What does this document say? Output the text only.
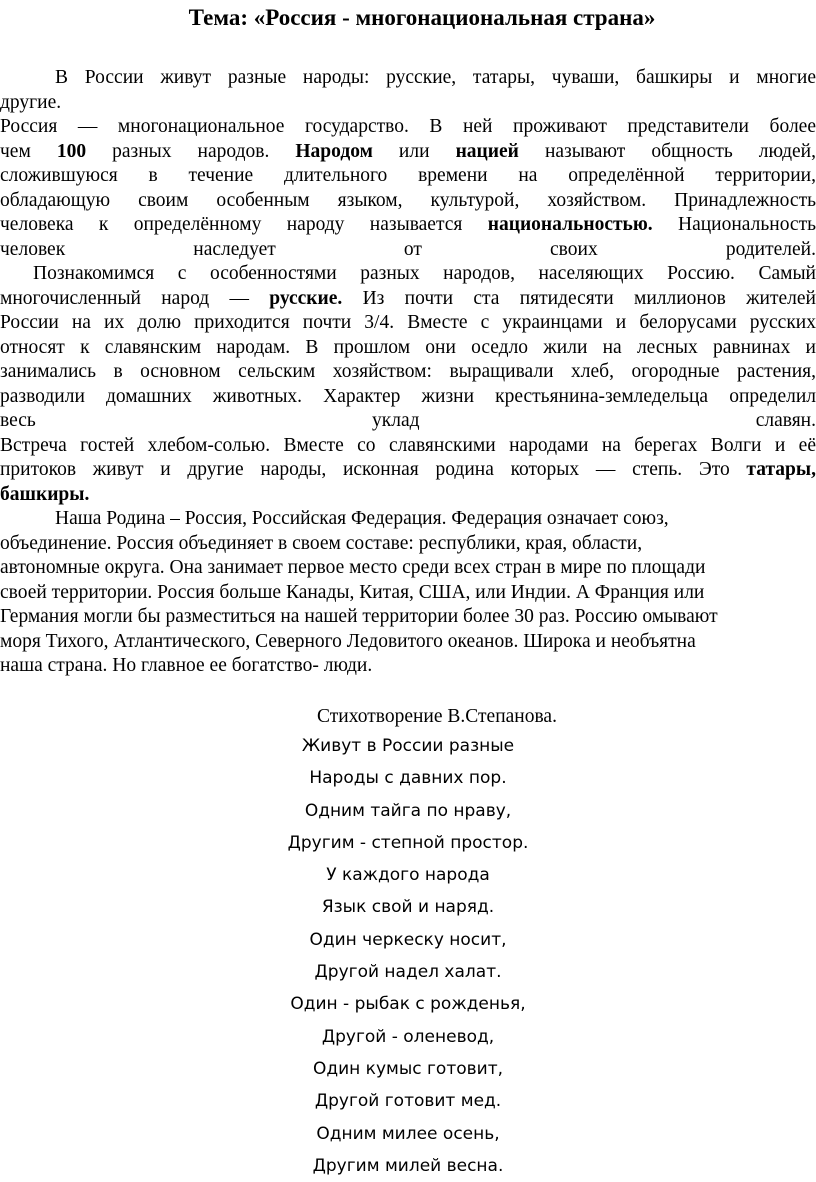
Тема: «Россия - многонациональная страна»
В России живут разные народы: русские, татары, чуваши, башкиры и многие
другие.
Россия — многонациональное государство. В ней проживают представители более
чем 100 разных народов. Народом или нацией называют общность людей,
сложившуюся в течение длительного времени на определённой территории,
обладающую своим особенным языком, культурой, хозяйством. Принадлежность
человека к определённому народу называется национальностью. Национальность
человек наследует от своих родителей.
Познакомимся с особенностями разных народов, населяющих Россию. Самый
многочисленный народ — русские. Из почти ста пятидесяти миллионов жителей
России на их долю приходится почти 3/4. Вместе с украинцами и белорусами русских
относят к славянским народам. В прошлом они оседло жили на лесных равнинах и
занимались в основном сельским хозяйством: выращивали хлеб, огородные растения,
разводили домашних животных. Характер жизни крестьянина-земледельца определил
весь уклад славян.
Встреча гостей хлебом-солью. Вместе со славянскими народами на берегах Волги и её
притоков живут и другие народы, исконная родина которых — степь. Это татары,
башкиры.
Наша Родина – Россия, Российская Федерация. Федерация означает союз,
объединение. Россия объединяет в своем составе: республики, края, области,
автономные округа. Она занимает первое место среди всех стран в мире по площади
своей территории. Россия больше Канады, Китая, США, или Индии. А Франция или
Германия могли бы разместиться на нашей территории более 30 раз. Россию омывают
моря Тихого, Атлантического, Северного Ледовитого океанов. Широка и необъятна
наша страна. Но главное ее богатство- люди.
Стихотворение В.Степанова.
Живут в России разные
Народы с давних пор.
Одним тайга по нраву,
Другим - степной простор.
У каждого народа
Язык свой и наряд.
Один черкеску носит,
Другой надел халат.
Один - рыбак с рожденья,
Другой - оленевод,
Один кумыс готовит,
Другой готовит мед.
Одним милее осень,
Другим милей весна.
